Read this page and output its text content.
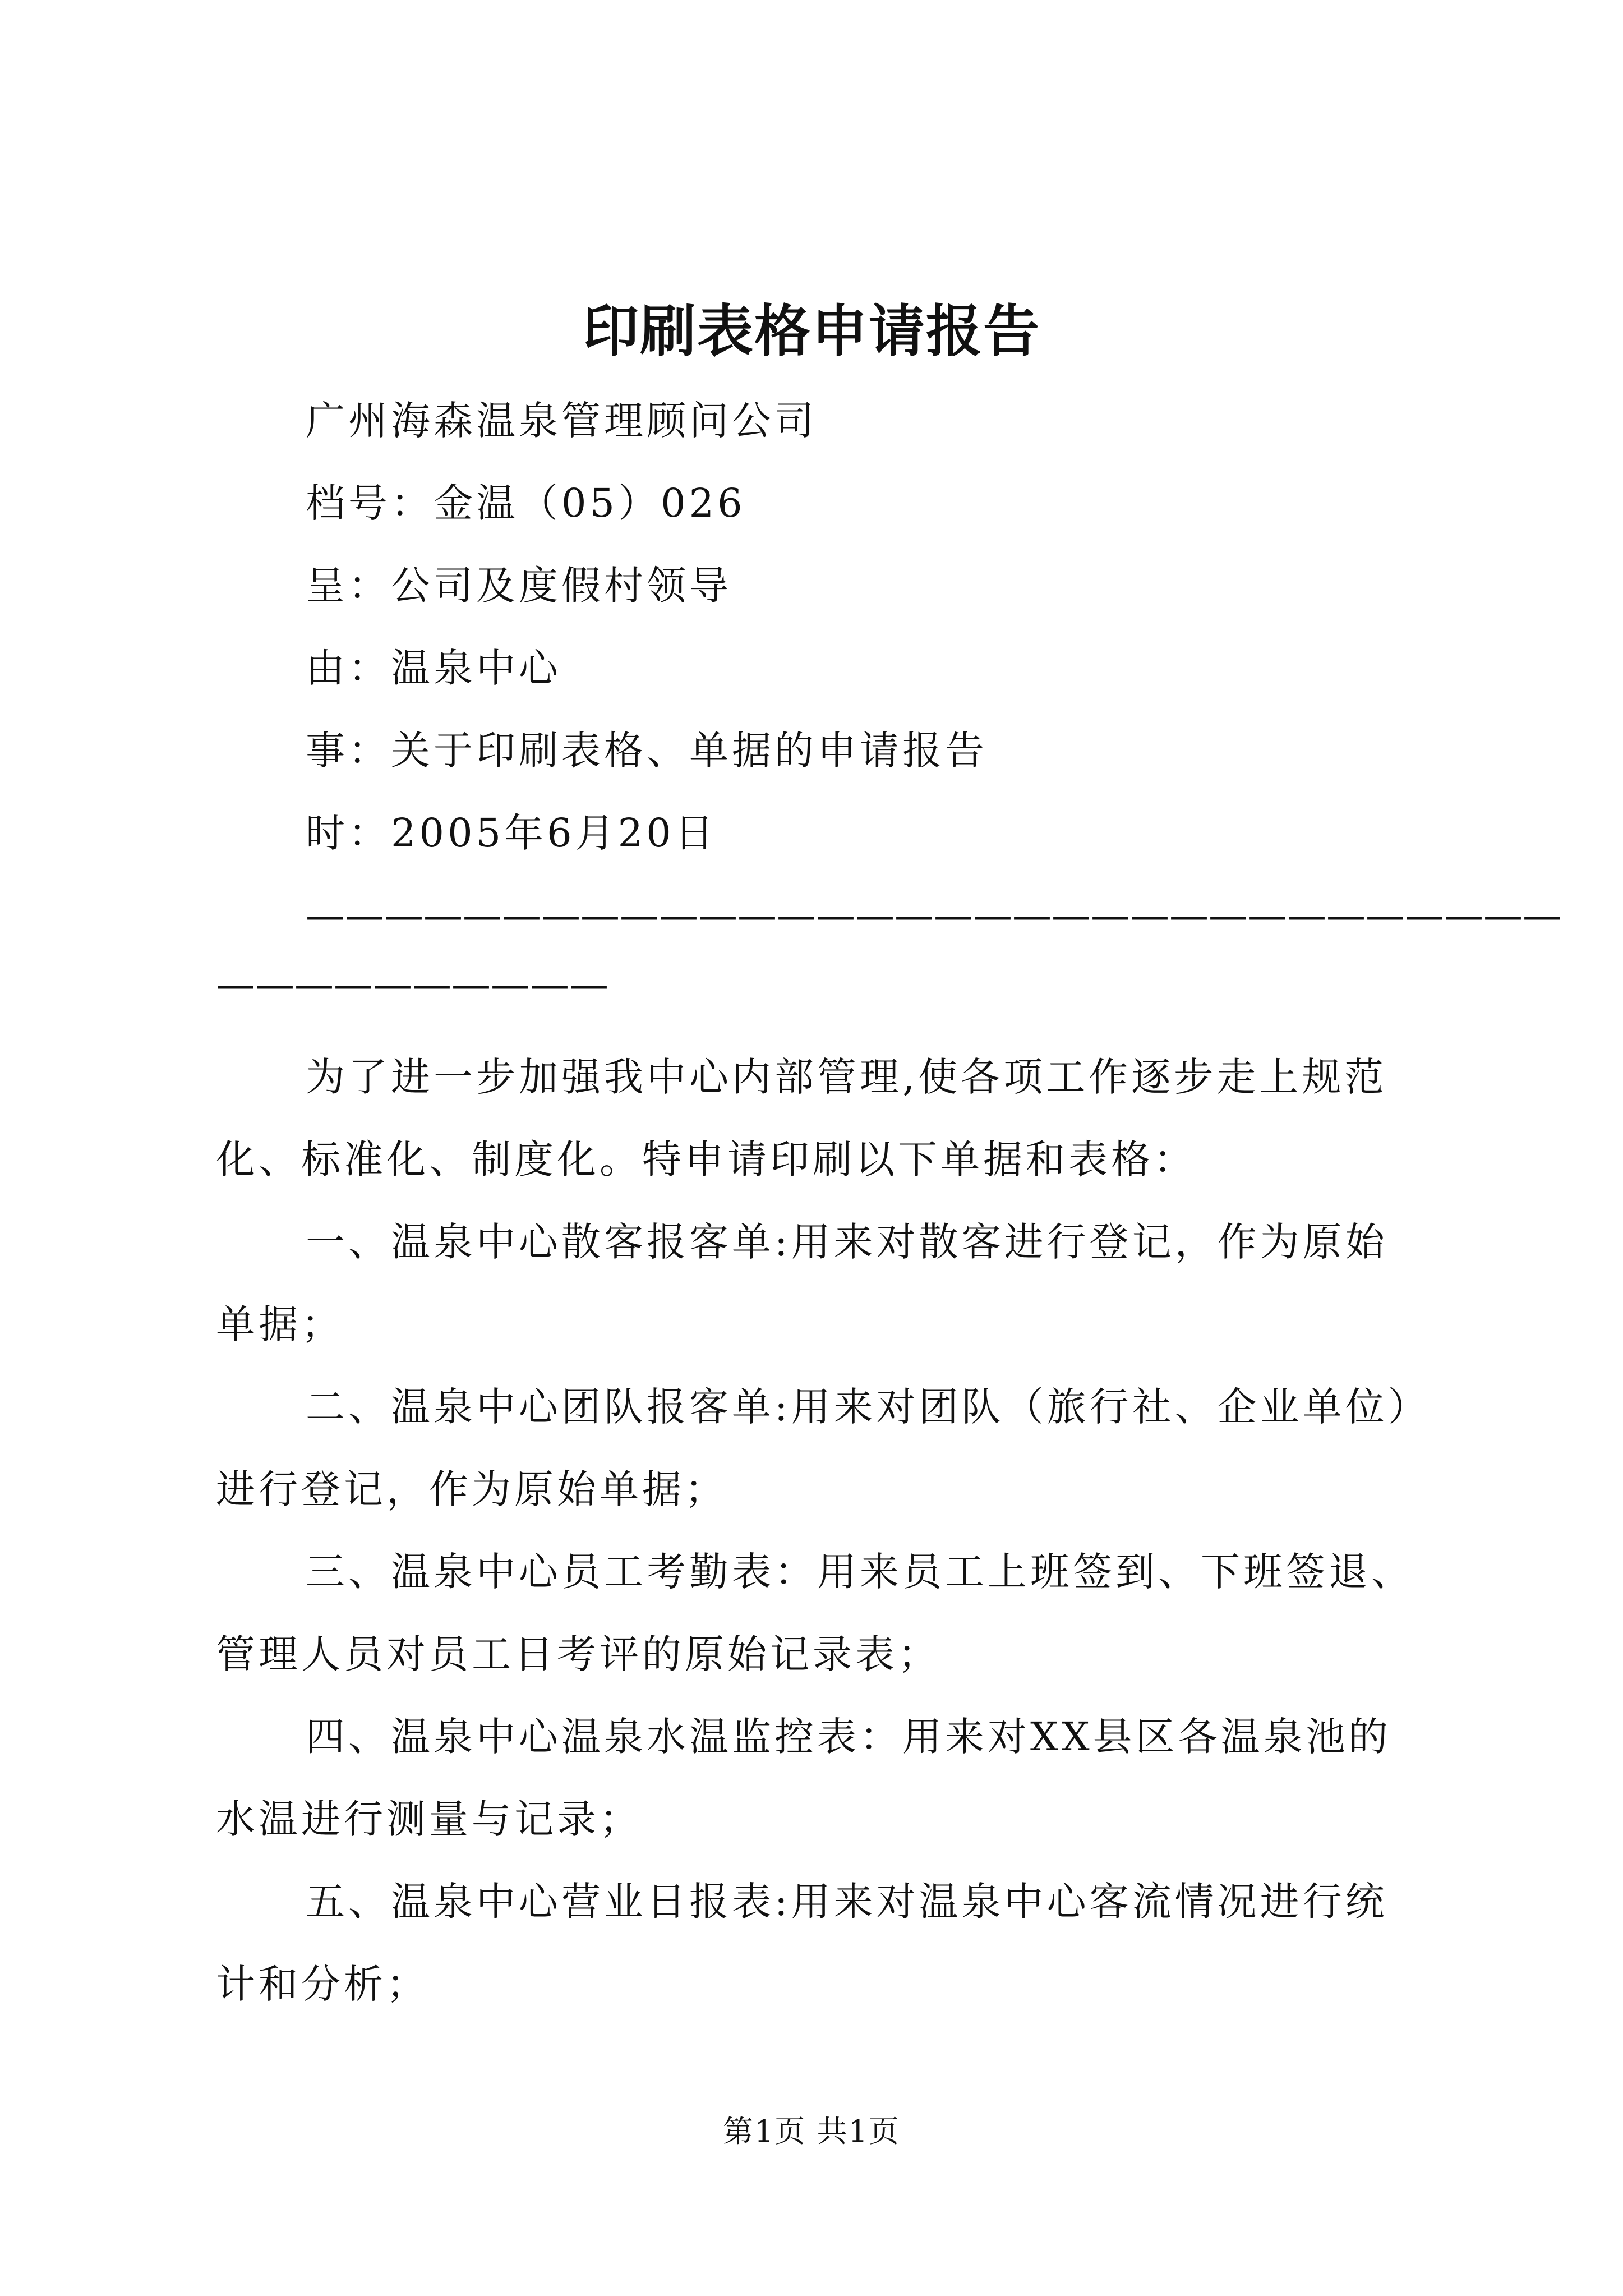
印刷表格申请报告
广州海森温泉管理顾问公司
档号：金温（05）026
呈：公司及度假村领导
由：温泉中心
事：关于印刷表格、单据的申请报告
时：2005年6月20日
————————————————————————————————
——————————
为了进一步加强我中心内部管理,使各项工作逐步走上规范
化、标准化、制度化。特申请印刷以下单据和表格：
一、温泉中心散客报客单:用来对散客进行登记，作为原始
单据；
二、温泉中心团队报客单:用来对团队（旅行社、企业单位）
进行登记，作为原始单据；
三、温泉中心员工考勤表：用来员工上班签到、下班签退、
管理人员对员工日考评的原始记录表；
四、温泉中心温泉水温监控表：用来对XX县区各温泉池的
水温进行测量与记录；
五、温泉中心营业日报表:用来对温泉中心客流情况进行统
计和分析；
第1页 共1页
